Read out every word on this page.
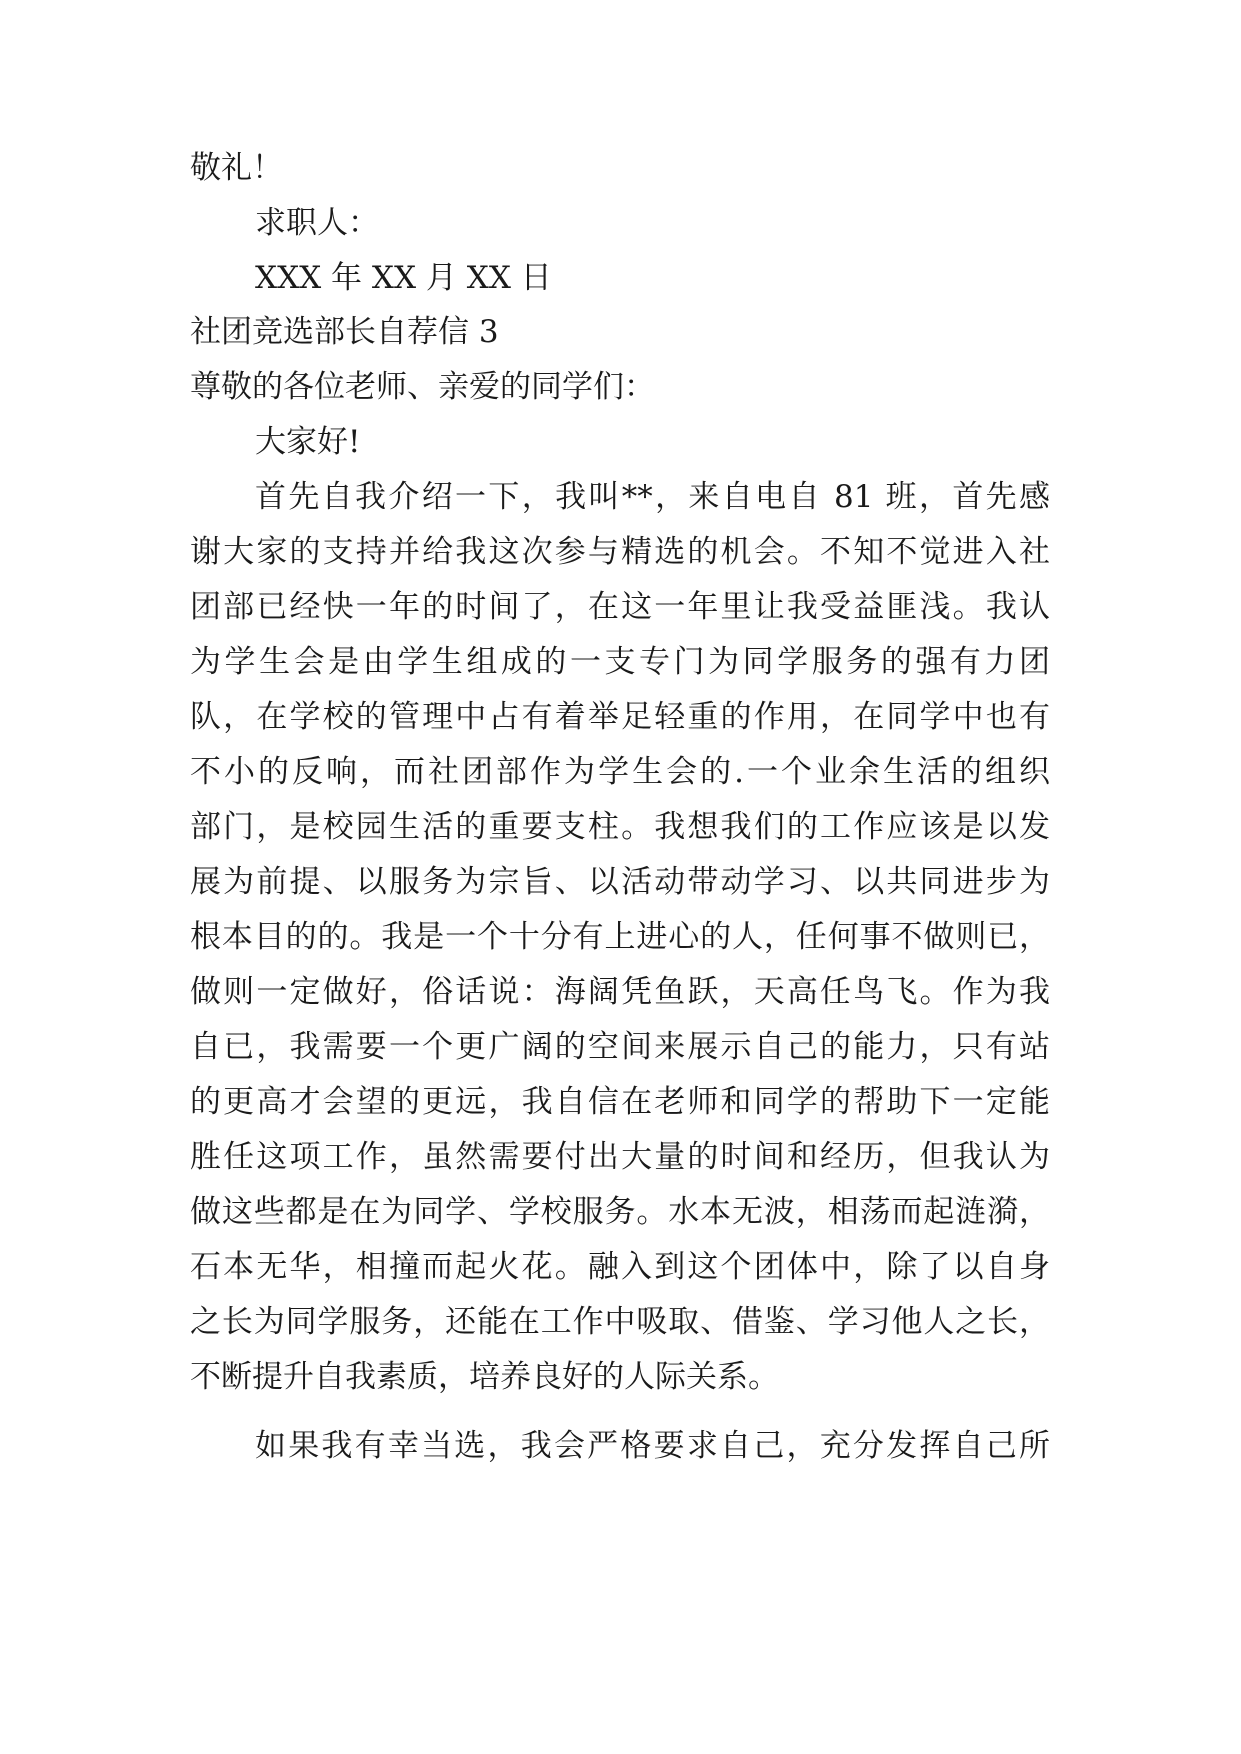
敬礼！
求职人：
XXX 年 XX 月 XX 日
社团竞选部长自荐信 3
尊敬的各位老师、亲爱的同学们：
大家好!
首先自我介绍一下，我叫**，来自电自 81 班，首先感
谢大家的支持并给我这次参与精选的机会。不知不觉进入社
团部已经快一年的时间了，在这一年里让我受益匪浅。我认
为学生会是由学生组成的一支专门为同学服务的强有力团
队，在学校的管理中占有着举足轻重的作用，在同学中也有
不小的反响，而社团部作为学生会的.一个业余生活的组织
部门，是校园生活的重要支柱。我想我们的工作应该是以发
展为前提、以服务为宗旨、以活动带动学习、以共同进步为
根本目的的。我是一个十分有上进心的人，任何事不做则已，
做则一定做好，俗话说：海阔凭鱼跃，天高任鸟飞。作为我
自已，我需要一个更广阔的空间来展示自己的能力，只有站
的更高才会望的更远，我自信在老师和同学的帮助下一定能
胜任这项工作，虽然需要付出大量的时间和经历，但我认为
做这些都是在为同学、学校服务。水本无波，相荡而起涟漪，
石本无华，相撞而起火花。融入到这个团体中，除了以自身
之长为同学服务，还能在工作中吸取、借鉴、学习他人之长，
不断提升自我素质，培养良好的人际关系。
如果我有幸当选，我会严格要求自己，充分发挥自己所
